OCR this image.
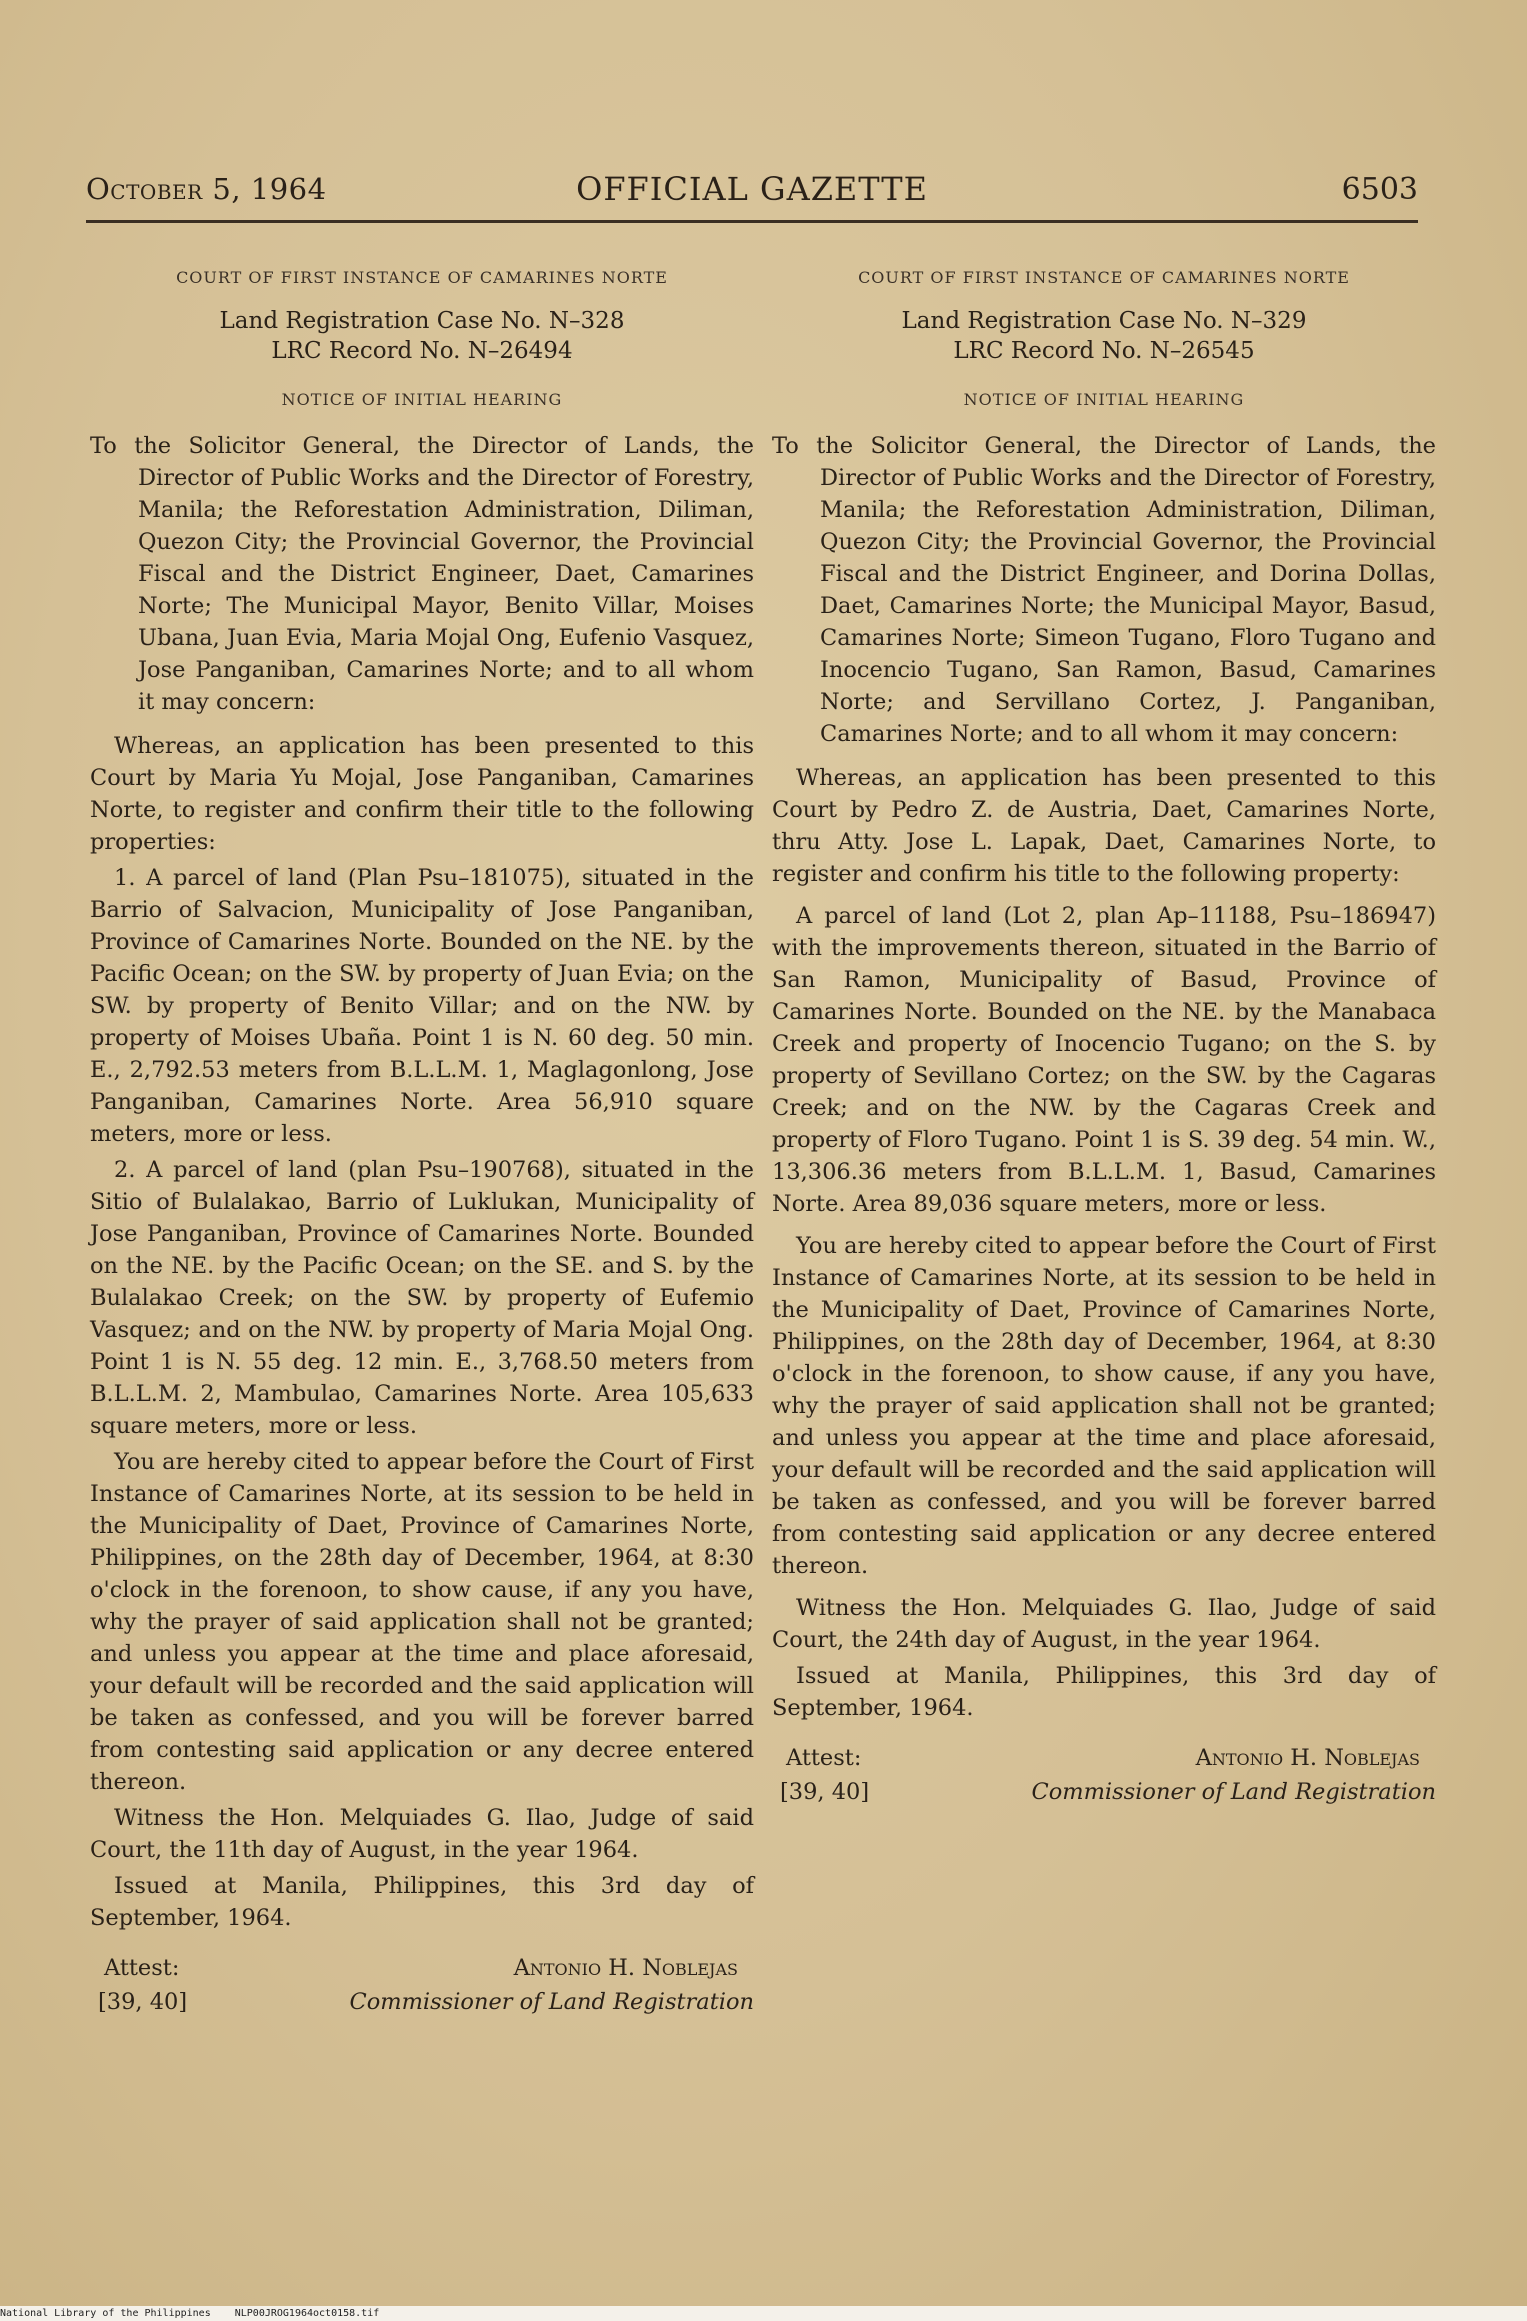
October 5, 1964	OFFICIAL GAZETTE	6503
COURT OF FIRST INSTANCE OF CAMARINES NORTE
Land Registration Case No. N–328
LRC Record No. N–26494
NOTICE OF INITIAL HEARING

To the Solicitor General, the Director of Lands, the Director of Public Works and the Director of Forestry, Manila; the Reforestation Administration, Diliman, Quezon City; the Provincial Governor, the Provincial Fiscal and the District Engineer, Daet, Camarines Norte; The Municipal Mayor, Benito Villar, Moises Ubana, Juan Evia, Maria Mojal Ong, Eufenio Vasquez, Jose Panganiban, Camarines Norte; and to all whom it may concern:

Whereas, an application has been presented to this Court by Maria Yu Mojal, Jose Panganiban, Camarines Norte, to register and confirm their title to the following properties:

1. A parcel of land (Plan Psu–181075), situated in the Barrio of Salvacion, Municipality of Jose Panganiban, Province of Camarines Norte. Bounded on the NE. by the Pacific Ocean; on the SW. by property of Juan Evia; on the SW. by property of Benito Villar; and on the NW. by property of Moises Ubaña. Point 1 is N. 60 deg. 50 min. E., 2,792.53 meters from B.L.L.M. 1, Maglagonlong, Jose Panganiban, Camarines Norte. Area 56,910 square meters, more or less.

2. A parcel of land (plan Psu–190768), situated in the Sitio of Bulalakao, Barrio of Luklukan, Municipality of Jose Panganiban, Province of Camarines Norte. Bounded on the NE. by the Pacific Ocean; on the SE. and S. by the Bulalakao Creek; on the SW. by property of Eufemio Vasquez; and on the NW. by property of Maria Mojal Ong. Point 1 is N. 55 deg. 12 min. E., 3,768.50 meters from B.L.L.M. 2, Mambulao, Camarines Norte. Area 105,633 square meters, more or less.

You are hereby cited to appear before the Court of First Instance of Camarines Norte, at its session to be held in the Municipality of Daet, Province of Camarines Norte, Philippines, on the 28th day of December, 1964, at 8:30 o'clock in the forenoon, to show cause, if any you have, why the prayer of said application shall not be granted; and unless you appear at the time and place aforesaid, your default will be recorded and the said application will be taken as confessed, and you will be forever barred from contesting said application or any decree entered thereon.

Witness the Hon. Melquiades G. Ilao, Judge of said Court, the 11th day of August, in the year 1964.

Issued at Manila, Philippines, this 3rd day of September, 1964.

Attest:	Antonio H. Noblejas
[39, 40]	Commissioner of Land Registration
COURT OF FIRST INSTANCE OF CAMARINES NORTE
Land Registration Case No. N–329
LRC Record No. N–26545
NOTICE OF INITIAL HEARING

To the Solicitor General, the Director of Lands, the Director of Public Works and the Director of Forestry, Manila; the Reforestation Administration, Diliman, Quezon City; the Provincial Governor, the Provincial Fiscal and the District Engineer, and Dorina Dollas, Daet, Camarines Norte; the Municipal Mayor, Basud, Camarines Norte; Simeon Tugano, Floro Tugano and Inocencio Tugano, San Ramon, Basud, Camarines Norte; and Servillano Cortez, J. Panganiban, Camarines Norte; and to all whom it may concern:

Whereas, an application has been presented to this Court by Pedro Z. de Austria, Daet, Camarines Norte, thru Atty. Jose L. Lapak, Daet, Camarines Norte, to register and confirm his title to the following property:

A parcel of land (Lot 2, plan Ap–11188, Psu–186947) with the improvements thereon, situated in the Barrio of San Ramon, Municipality of Basud, Province of Camarines Norte. Bounded on the NE. by the Manabaca Creek and property of Inocencio Tugano; on the S. by property of Sevillano Cortez; on the SW. by the Cagaras Creek; and on the NW. by the Cagaras Creek and property of Floro Tugano. Point 1 is S. 39 deg. 54 min. W., 13,306.36 meters from B.L.L.M. 1, Basud, Camarines Norte. Area 89,036 square meters, more or less.

You are hereby cited to appear before the Court of First Instance of Camarines Norte, at its session to be held in the Municipality of Daet, Province of Camarines Norte, Philippines, on the 28th day of December, 1964, at 8:30 o'clock in the forenoon, to show cause, if any you have, why the prayer of said application shall not be granted; and unless you appear at the time and place aforesaid, your default will be recorded and the said application will be taken as confessed, and you will be forever barred from contesting said application or any decree entered thereon.

Witness the Hon. Melquiades G. Ilao, Judge of said Court, the 24th day of August, in the year 1964.

Issued at Manila, Philippines, this 3rd day of September, 1964.

Attest:	Antonio H. Noblejas
[39, 40]	Commissioner of Land Registration
National Library of the Philippines NLP00JROG1964oct0158.tif
